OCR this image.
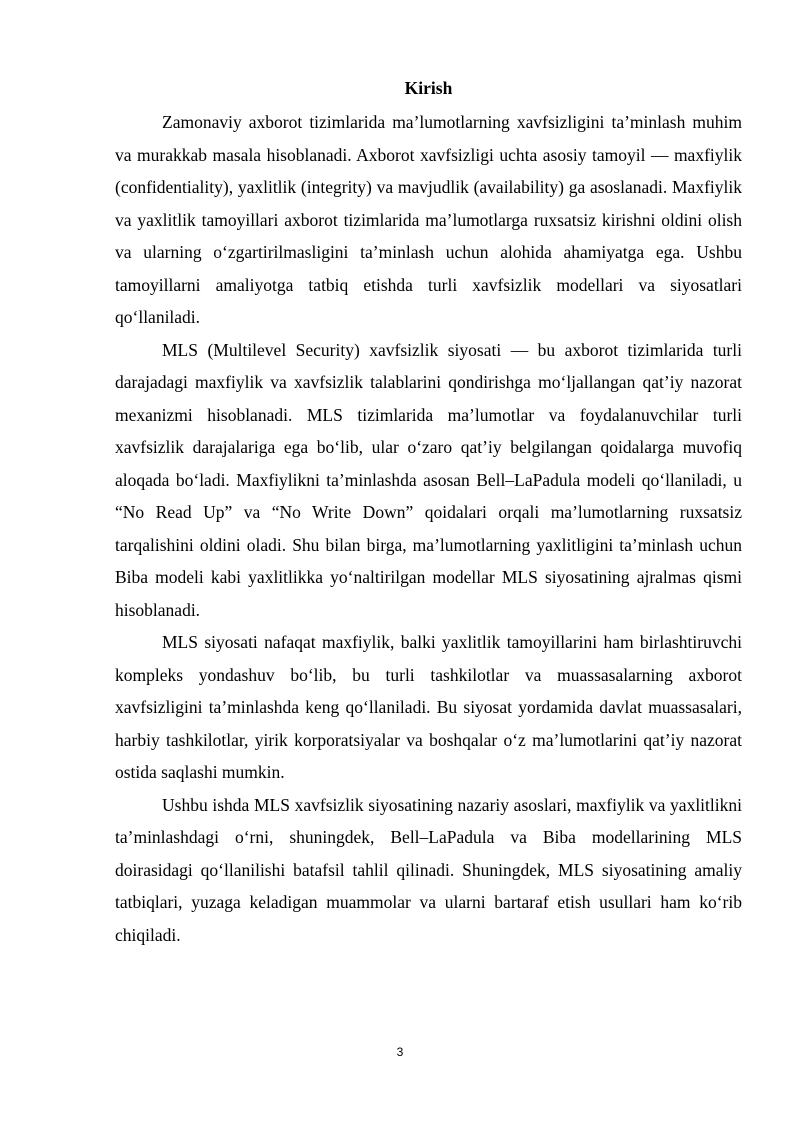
Kirish

Zamonaviy axborot tizimlarida ma’lumotlarning xavfsizligini ta’minlash muhim va murakkab masala hisoblanadi. Axborot xavfsizligi uchta asosiy tamoyil — maxfiylik (confidentiality), yaxlitlik (integrity) va mavjudlik (availability) ga asoslanadi. Maxfiylik va yaxlitlik tamoyillari axborot tizimlarida ma’lumotlarga ruxsatsiz kirishni oldini olish va ularning o‘zgartirilmasligini ta’minlash uchun alohida ahamiyatga ega. Ushbu tamoyillarni amaliyotga tatbiq etishda turli xavfsizlik modellari va siyosatlari qo‘llaniladi.

MLS (Multilevel Security) xavfsizlik siyosati — bu axborot tizimlarida turli darajadagi maxfiylik va xavfsizlik talablarini qondirishga mo‘ljallangan qat’iy nazorat mexanizmi hisoblanadi. MLS tizimlarida ma’lumotlar va foydalanuvchilar turli xavfsizlik darajalariga ega bo‘lib, ular o‘zaro qat’iy belgilangan qoidalarga muvofiq aloqada bo‘ladi. Maxfiylikni ta’minlashda asosan Bell–LaPadula modeli qo‘llaniladi, u “No Read Up” va “No Write Down” qoidalari orqali ma’lumotlarning ruxsatsiz tarqalishini oldini oladi. Shu bilan birga, ma’lumotlarning yaxlitligini ta’minlash uchun Biba modeli kabi yaxlitlikka yo‘naltirilgan modellar MLS siyosatining ajralmas qismi hisoblanadi.

MLS siyosati nafaqat maxfiylik, balki yaxlitlik tamoyillarini ham birlashtiruvchi kompleks yondashuv bo‘lib, bu turli tashkilotlar va muassasalarning axborot xavfsizligini ta’minlashda keng qo‘llaniladi. Bu siyosat yordamida davlat muassasalari, harbiy tashkilotlar, yirik korporatsiyalar va boshqalar o‘z ma’lumotlarini qat’iy nazorat ostida saqlashi mumkin.

Ushbu ishda MLS xavfsizlik siyosatining nazariy asoslari, maxfiylik va yaxlitlikni ta’minlashdagi o‘rni, shuningdek, Bell–LaPadula va Biba modellarining MLS doirasidagi qo‘llanilishi batafsil tahlil qilinadi. Shuningdek, MLS siyosatining amaliy tatbiqlari, yuzaga keladigan muammolar va ularni bartaraf etish usullari ham ko‘rib chiqiladi.

3
